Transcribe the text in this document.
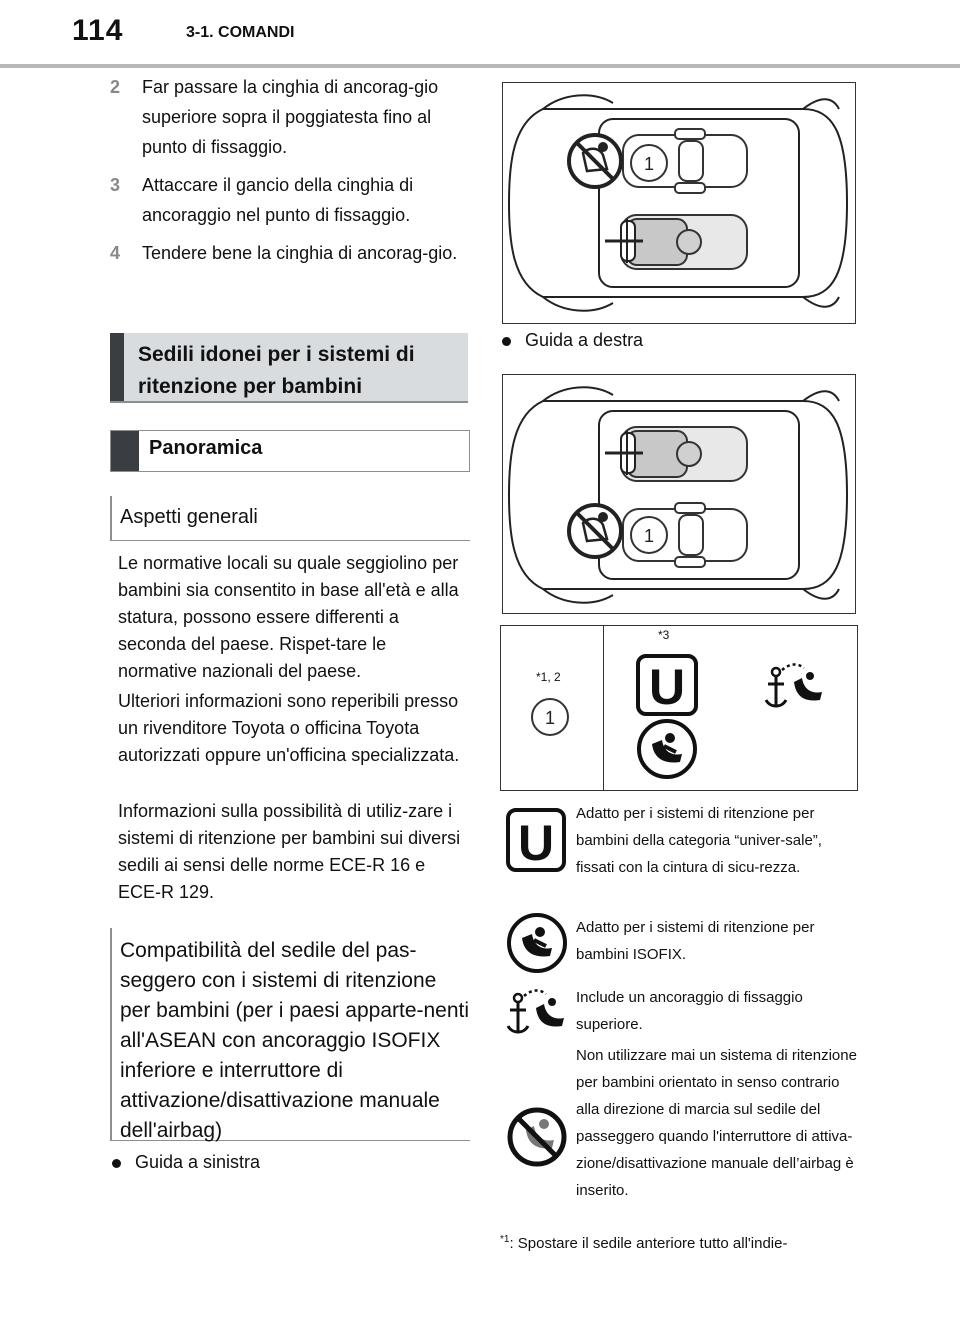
114	3-1. COMANDI
2 Far passare la cinghia di ancorag-gio superiore sopra il poggiatesta fino al punto di fissaggio.
3 Attaccare il gancio della cinghia di ancoraggio nel punto di fissaggio.
4 Tendere bene la cinghia di ancorag-gio.
Sedili idonei per i sistemi di ritenzione per bambini
Panoramica
Aspetti generali
Le normative locali su quale seggiolino per bambini sia consentito in base all'età e alla statura, possono essere differenti a seconda del paese. Rispet-tare le normative nazionali del paese.
Ulteriori informazioni sono reperibili presso un rivenditore Toyota o officina Toyota autorizzati oppure un'officina specializzata.
Informazioni sulla possibilità di utiliz-zare i sistemi di ritenzione per bambini sui diversi sedili ai sensi delle norme ECE-R 16 e ECE-R 129.
Compatibilità del sedile del pas-seggero con i sistemi di ritenzione per bambini (per i paesi apparte-nenti all'ASEAN con ancoraggio ISOFIX inferiore e interruttore di attivazione/disattivazione manuale dell'airbag)
Guida a sinistra
Guida a destra
1
1
*1, 2
1
*3
U
U
Adatto per i sistemi di ritenzione per bambini della categoria “univer-sale”, fissati con la cintura di sicu-rezza.
Adatto per i sistemi di ritenzione per bambini ISOFIX.
Include un ancoraggio di fissaggio superiore.
Non utilizzare mai un sistema di ritenzione per bambini orientato in senso contrario alla direzione di marcia sul sedile del passeggero quando l'interruttore di attiva-zione/disattivazione manuale dell’airbag è inserito.
$^{*1}$: Spostare il sedile anteriore tutto all'indie-
